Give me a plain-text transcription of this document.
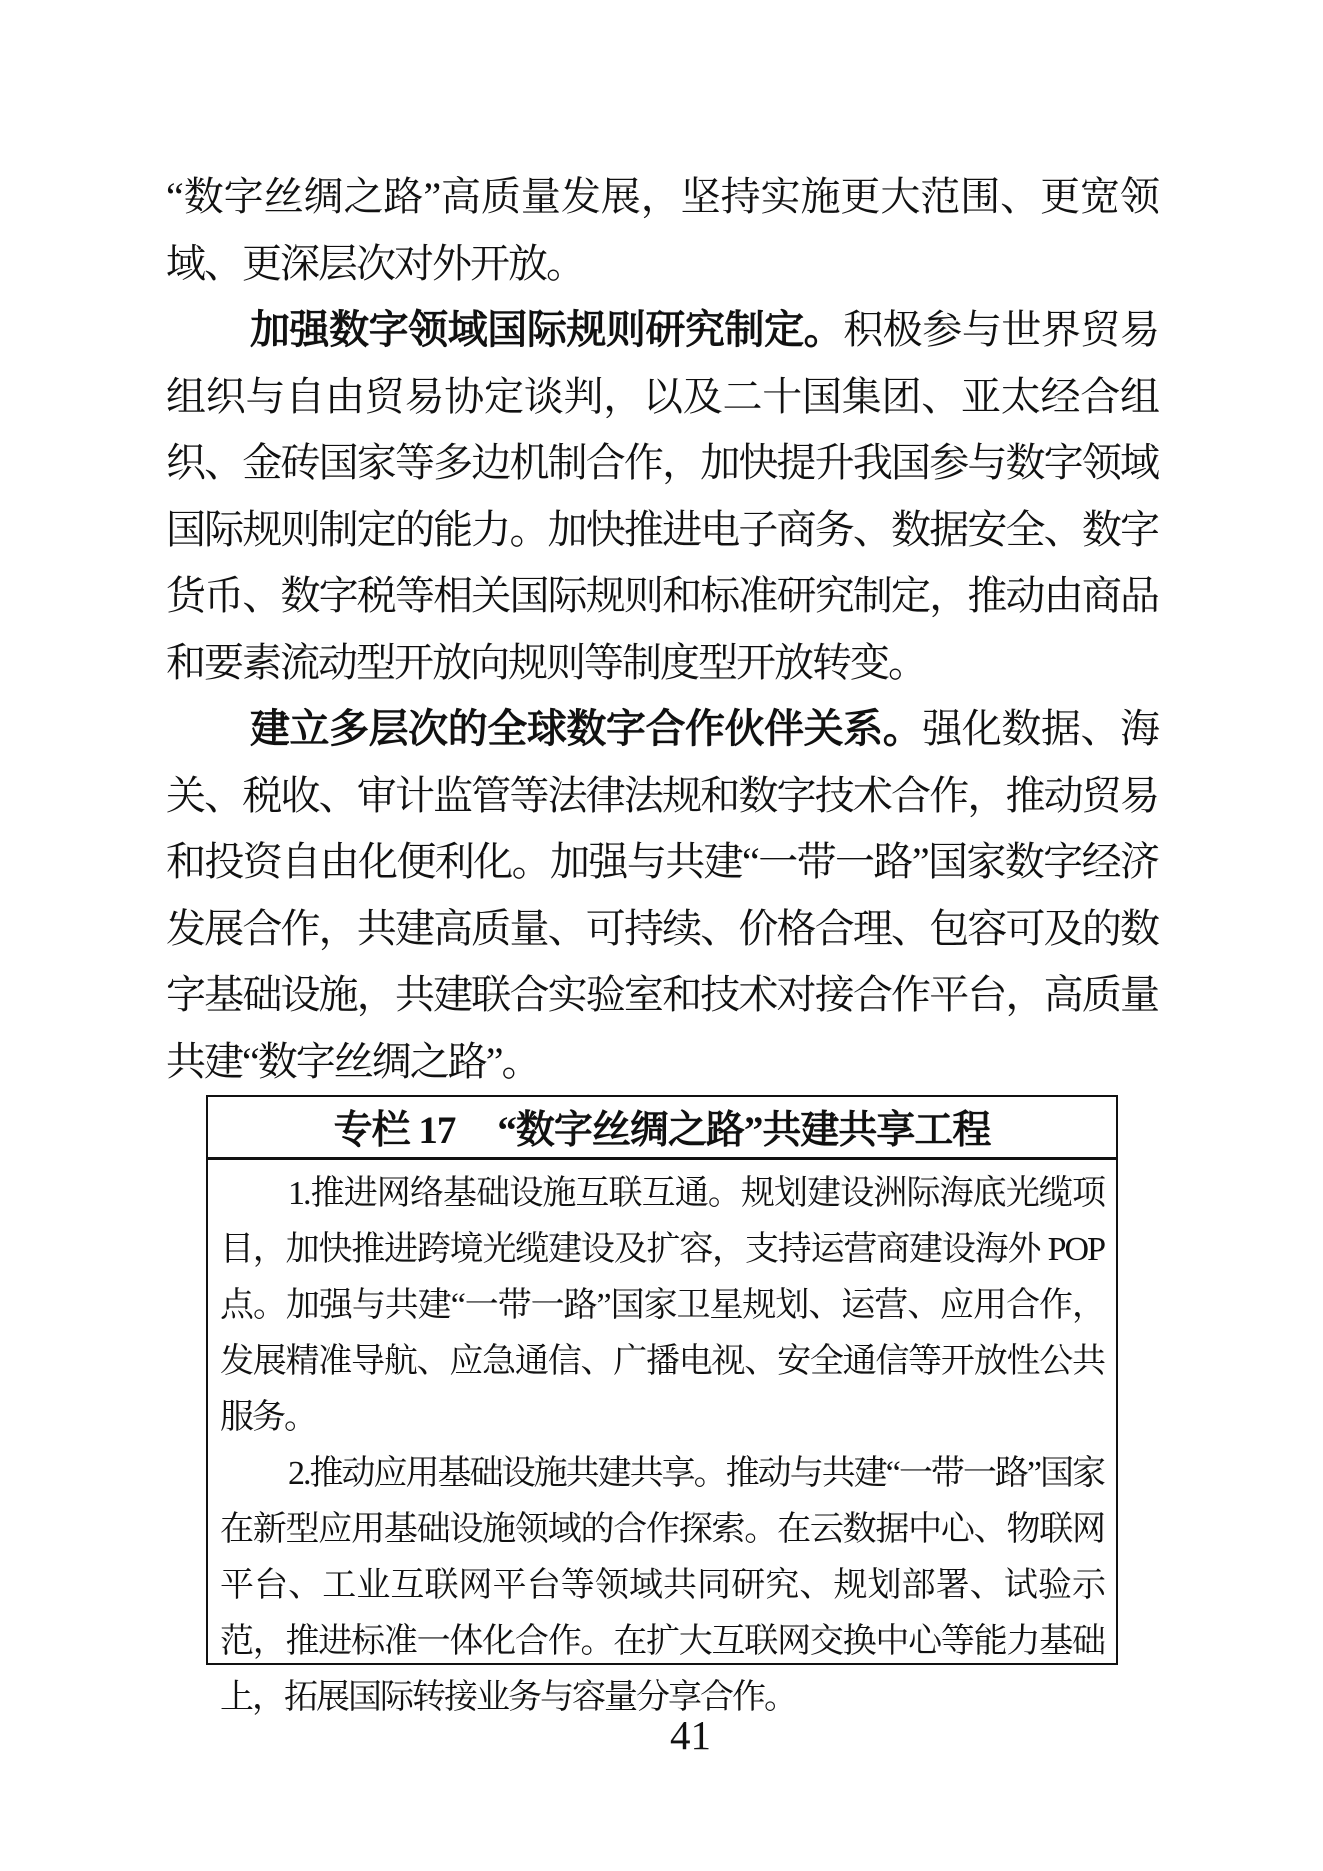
“数字丝绸之路”高质量发展，坚持实施更大范围、更宽领域、更深层次对外开放。
加强数字领域国际规则研究制定。积极参与世界贸易组织与自由贸易协定谈判，以及二十国集团、亚太经合组织、金砖国家等多边机制合作，加快提升我国参与数字领域国际规则制定的能力。加快推进电子商务、数据安全、数字货币、数字税等相关国际规则和标准研究制定，推动由商品和要素流动型开放向规则等制度型开放转变。
建立多层次的全球数字合作伙伴关系。强化数据、海关、税收、审计监管等法律法规和数字技术合作，推动贸易和投资自由化便利化。加强与共建“一带一路”国家数字经济发展合作，共建高质量、可持续、价格合理、包容可及的数字基础设施，共建联合实验室和技术对接合作平台，高质量共建“数字丝绸之路”。
专栏 17 “数字丝绸之路”共建共享工程
1.推进网络基础设施互联互通。规划建设洲际海底光缆项目，加快推进跨境光缆建设及扩容，支持运营商建设海外 POP 点。加强与共建“一带一路”国家卫星规划、运营、应用合作，发展精准导航、应急通信、广播电视、安全通信等开放性公共服务。
2.推动应用基础设施共建共享。推动与共建“一带一路”国家在新型应用基础设施领域的合作探索。在云数据中心、物联网平台、工业互联网平台等领域共同研究、规划部署、试验示范，推进标准一体化合作。在扩大互联网交换中心等能力基础上，拓展国际转接业务与容量分享合作。
41
